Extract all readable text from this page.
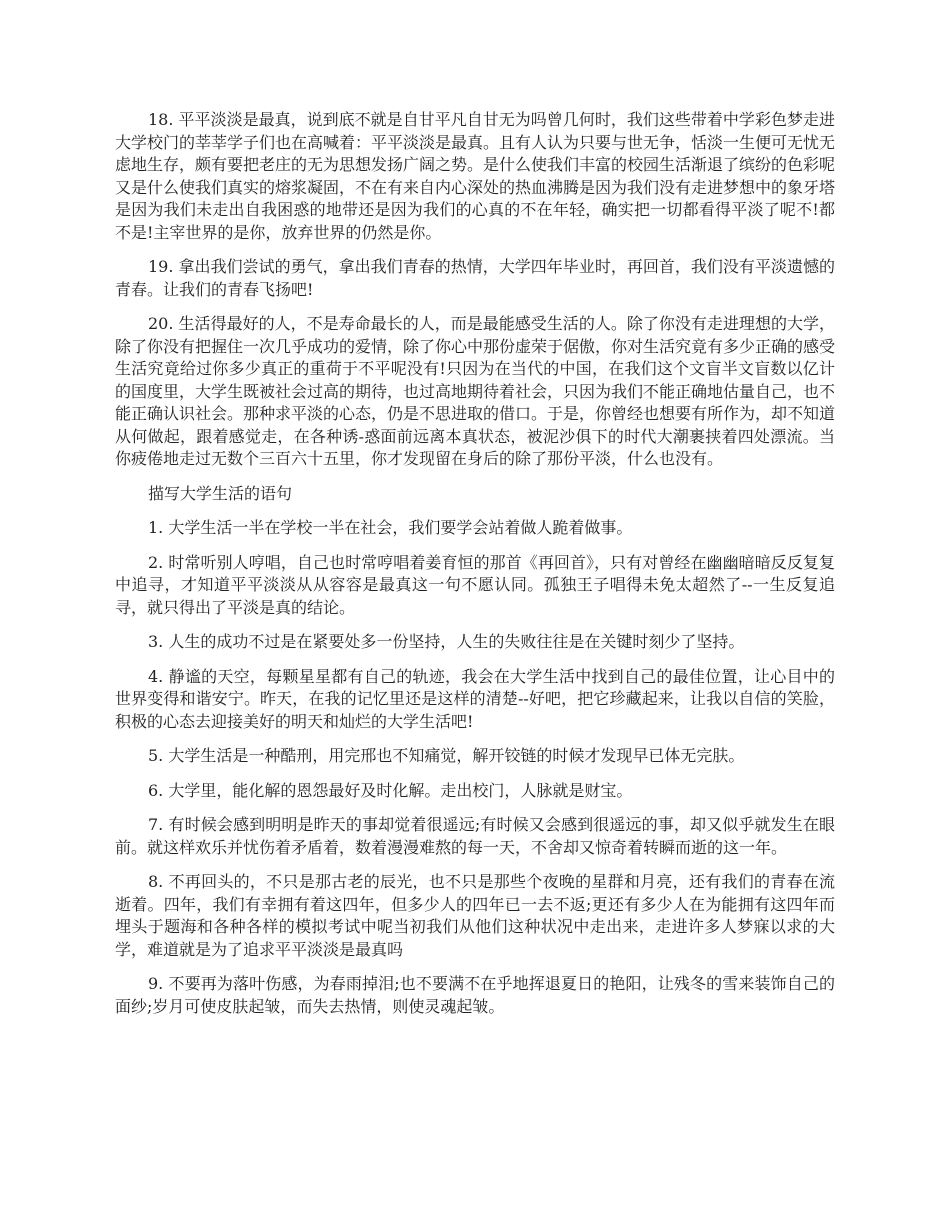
18. 平平淡淡是最真，说到底不就是自甘平凡自甘无为吗曾几何时，我们这些带着中学彩色梦走进大学校门的莘莘学子们也在高喊着：平平淡淡是最真。且有人认为只要与世无争，恬淡一生便可无忧无虑地生存，颇有要把老庄的无为思想发扬广阔之势。是什么使我们丰富的校园生活渐退了缤纷的色彩呢又是什么使我们真实的熔浆凝固，不在有来自内心深处的热血沸腾是因为我们没有走进梦想中的象牙塔是因为我们未走出自我困惑的地带还是因为我们的心真的不在年轻，确实把一切都看得平淡了呢不!都不是!主宰世界的是你，放弃世界的仍然是你。

19. 拿出我们尝试的勇气，拿出我们青春的热情，大学四年毕业时，再回首，我们没有平淡遗憾的青春。让我们的青春飞扬吧!

20. 生活得最好的人，不是寿命最长的人，而是最能感受生活的人。除了你没有走进理想的大学，除了你没有把握住一次几乎成功的爱情，除了你心中那份虚荣于倨傲，你对生活究竟有多少正确的感受生活究竟给过你多少真正的重荷于不平呢没有!只因为在当代的中国，在我们这个文盲半文盲数以亿计的国度里，大学生既被社会过高的期待，也过高地期待着社会，只因为我们不能正确地估量自己，也不能正确认识社会。那种求平淡的心态，仍是不思进取的借口。于是，你曾经也想要有所作为，却不知道从何做起，跟着感觉走，在各种诱-惑面前远离本真状态，被泥沙俱下的时代大潮裹挟着四处漂流。当你疲倦地走过无数个三百六十五里，你才发现留在身后的除了那份平淡，什么也没有。

描写大学生活的语句

1. 大学生活一半在学校一半在社会，我们要学会站着做人跪着做事。

2. 时常听别人哼唱，自己也时常哼唱着姜育恒的那首《再回首》，只有对曾经在幽幽暗暗反反复复中追寻，才知道平平淡淡从从容容是最真这一句不愿认同。孤独王子唱得未免太超然了--一生反复追寻，就只得出了平淡是真的结论。

3. 人生的成功不过是在紧要处多一份坚持，人生的失败往往是在关键时刻少了坚持。

4. 静谧的天空，每颗星星都有自己的轨迹，我会在大学生活中找到自己的最佳位置，让心目中的世界变得和谐安宁。昨天，在我的记忆里还是这样的清楚--好吧，把它珍藏起来，让我以自信的笑脸，积极的心态去迎接美好的明天和灿烂的大学生活吧!

5. 大学生活是一种酷刑，用完邢也不知痛觉，解开铰链的时候才发现早已体无完肤。

6. 大学里，能化解的恩怨最好及时化解。走出校门，人脉就是财宝。

7. 有时候会感到明明是昨天的事却觉着很遥远;有时候又会感到很遥远的事，却又似乎就发生在眼前。就这样欢乐并忧伤着矛盾着，数着漫漫难熬的每一天，不舍却又惊奇着转瞬而逝的这一年。

8. 不再回头的，不只是那古老的辰光，也不只是那些个夜晚的星群和月亮，还有我们的青春在流逝着。四年，我们有幸拥有着这四年，但多少人的四年已一去不返;更还有多少人在为能拥有这四年而埋头于题海和各种各样的模拟考试中呢当初我们从他们这种状况中走出来，走进许多人梦寐以求的大学，难道就是为了追求平平淡淡是最真吗

9. 不要再为落叶伤感，为春雨掉泪;也不要满不在乎地挥退夏日的艳阳，让残冬的雪来装饰自己的面纱;岁月可使皮肤起皱，而失去热情，则使灵魂起皱。
